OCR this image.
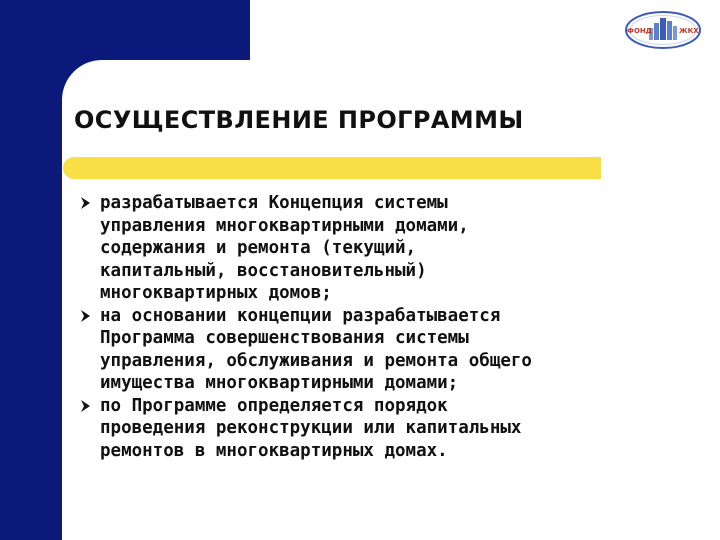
ФОНД	ЖКХ
ОСУЩЕСТВЛЕНИЕ ПРОГРАММЫ
разрабатывается Концепция системы
управления многоквартирными домами,
содержания и ремонта (текущий,
капитальный, восстановительный)
многоквартирных домов;
на основании концепции разрабатывается
Программа совершенствования системы
управления, обслуживания и ремонта общего
имущества многоквартирными домами;
по Программе определяется порядок
проведения реконструкции или капитальных
ремонтов в многоквартирных домах.
